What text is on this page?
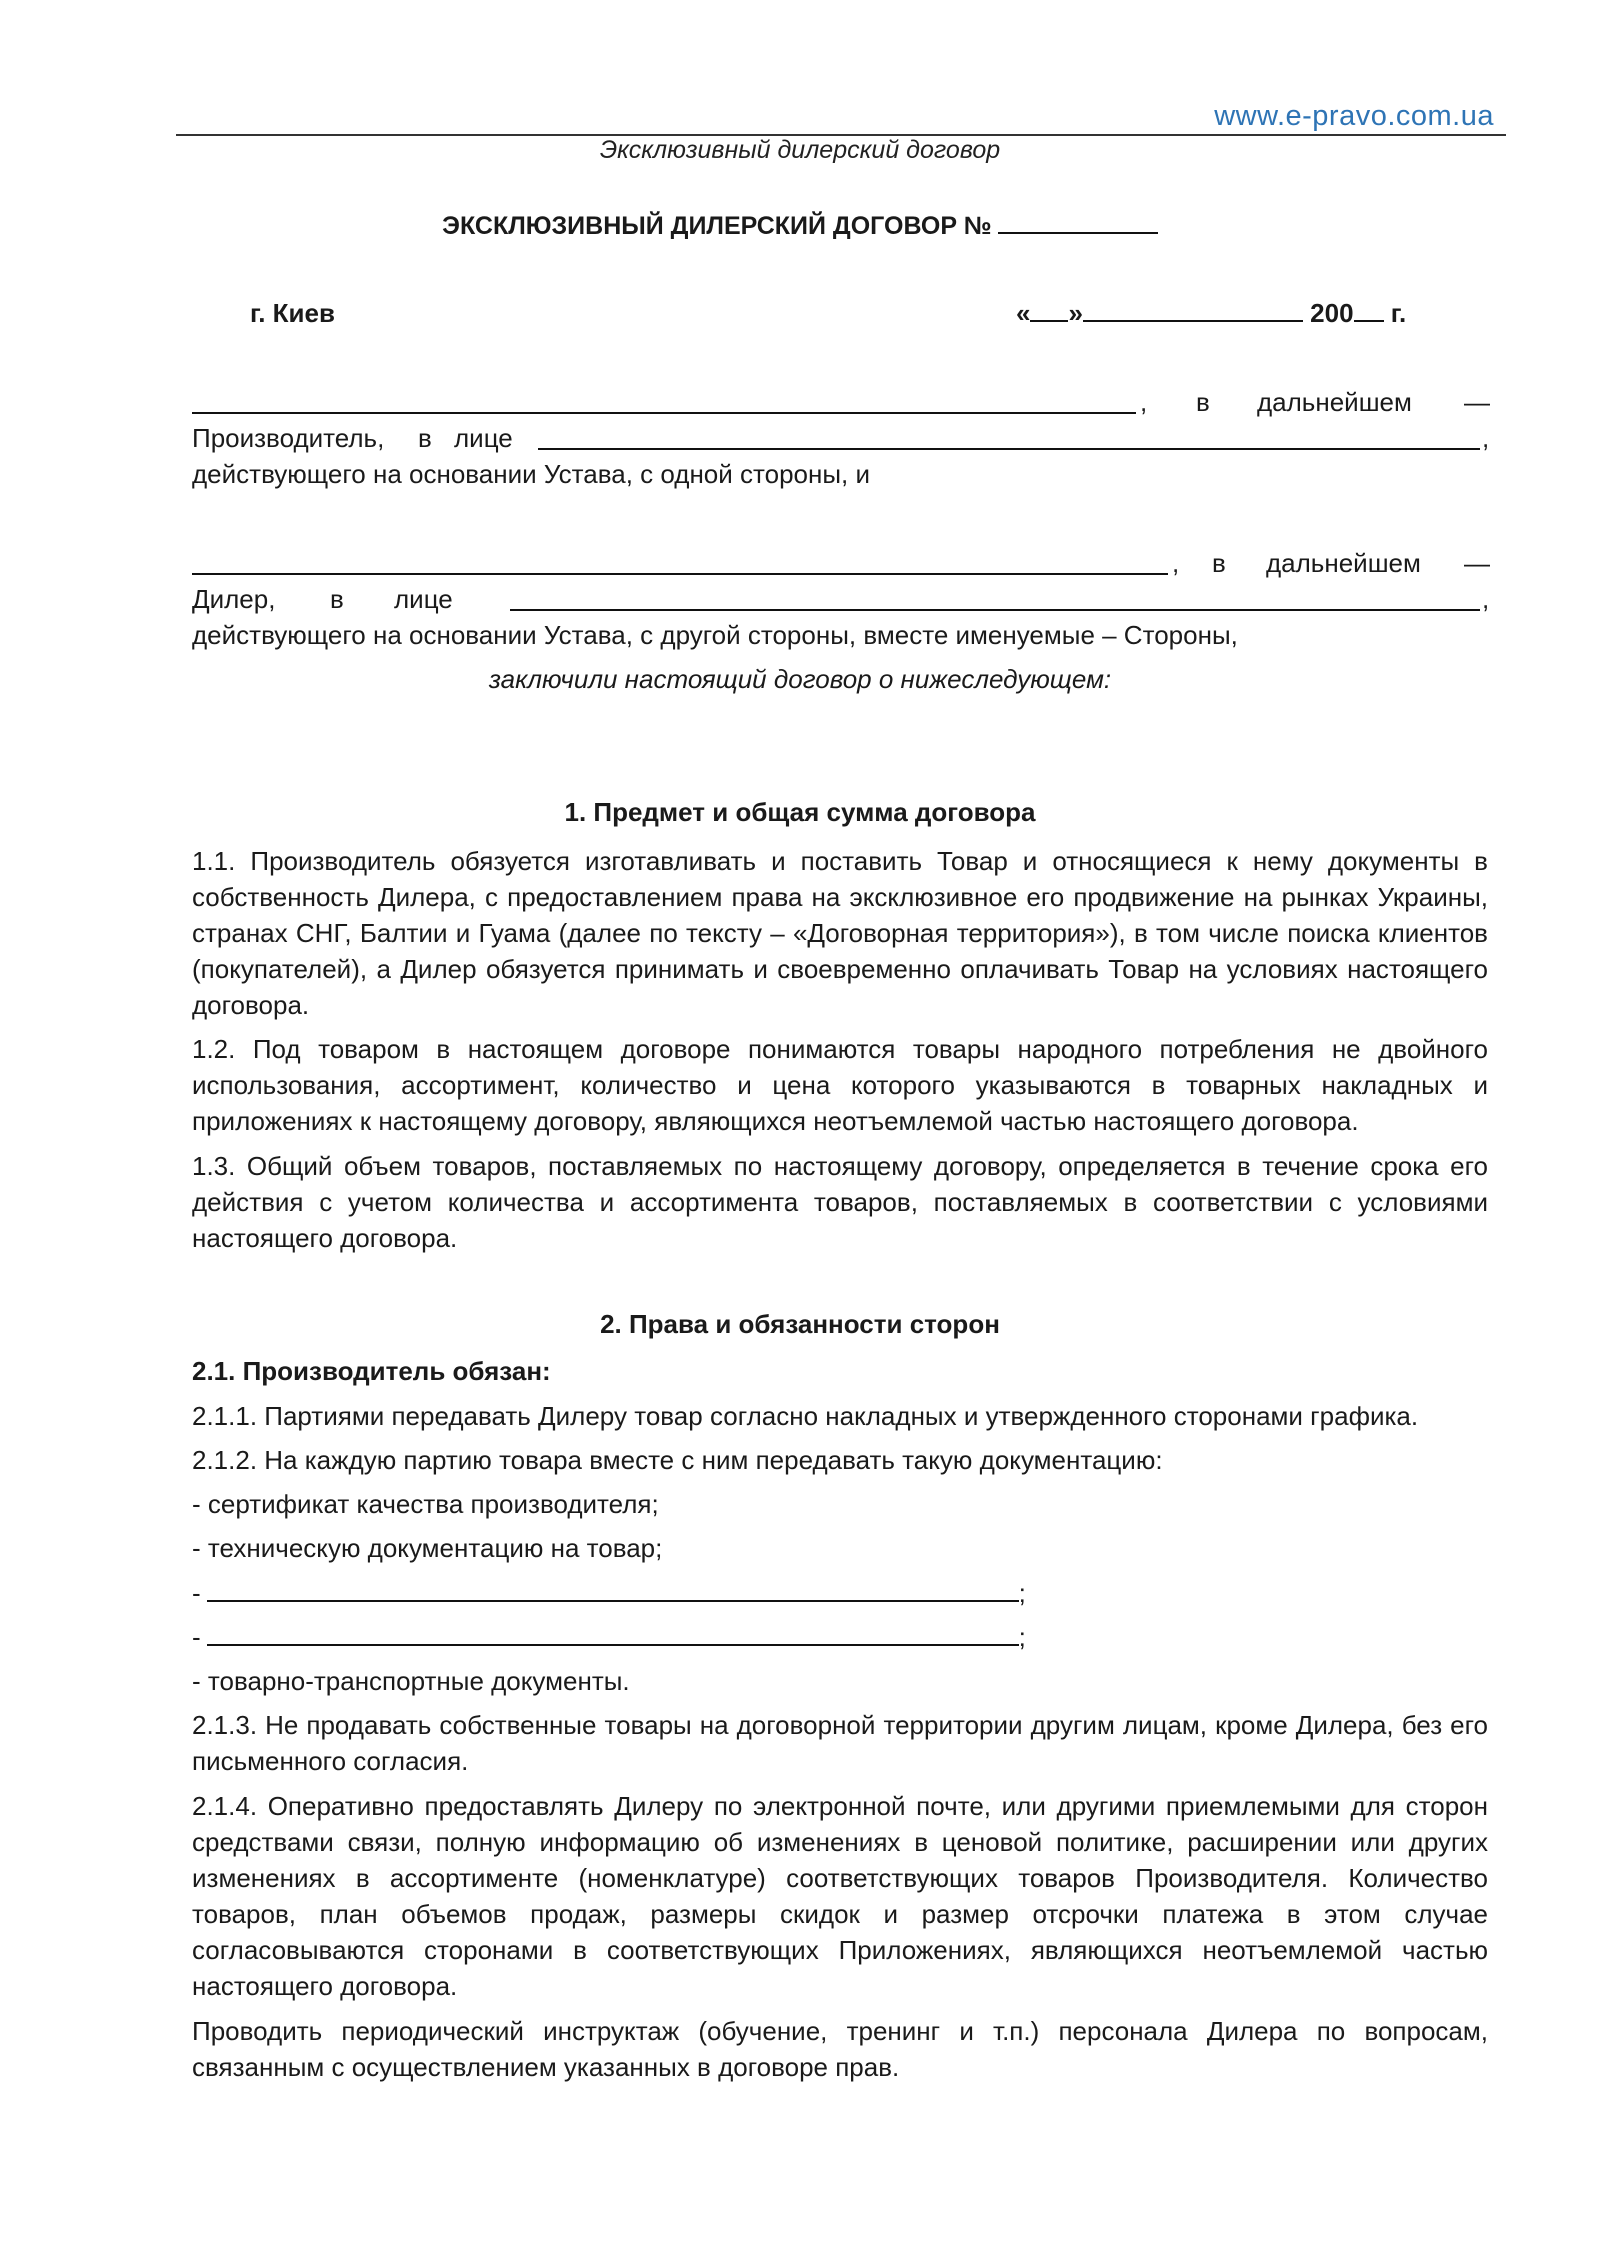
www.e-pravo.com.ua
Эксклюзивный дилерский договор
ЭКСКЛЮЗИВНЫЙ ДИЛЕРСКИЙ ДОГОВОР №
г. Киев	« »	200 г.
, в дальнейшем —
Производитель, в лице	,
действующего на основании Устава, с одной стороны, и
, в дальнейшем —
Дилер, в лице	,
действующего на основании Устава, с другой стороны, вместе именуемые – Стороны,
заключили настоящий договор о нижеследующем:
1. Предмет и общая сумма договора
1.1. Производитель обязуется изготавливать и поставить Товар и относящиеся к нему документы в собственность Дилера, с предоставлением права на эксклюзивное его продвижение на рынках Украины, странах СНГ, Балтии и Гуама (далее по тексту – «Договорная территория»), в том числе поиска клиентов (покупателей), а Дилер обязуется принимать и своевременно оплачивать Товар на условиях настоящего договора.
1.2. Под товаром в настоящем договоре понимаются товары народного потребления не двойного использования, ассортимент, количество и цена которого указываются в товарных накладных и приложениях к настоящему договору, являющихся неотъемлемой частью настоящего договора.
1.3. Общий объем товаров, поставляемых по настоящему договору, определяется в течение срока его действия с учетом количества и ассортимента товаров, поставляемых в соответствии с условиями настоящего договора.
2. Права и обязанности сторон
2.1. Производитель обязан:
2.1.1. Партиями передавать Дилеру товар согласно накладных и утвержденного сторонами графика.
2.1.2. На каждую партию товара вместе с ним передавать такую документацию:
- сертификат качества производителя;
- техническую документацию на товар;
-	;
-	;
- товарно-транспортные документы.
2.1.3. Не продавать собственные товары на договорной территории другим лицам, кроме Дилера, без его письменного согласия.
2.1.4. Оперативно предоставлять Дилеру по электронной почте, или другими приемлемыми для сторон средствами связи, полную информацию об изменениях в ценовой политике, расширении или других изменениях в ассортименте (номенклатуре) соответствующих товаров Производителя. Количество товаров, план объемов продаж, размеры скидок и размер отсрочки платежа в этом случае согласовываются сторонами в соответствующих Приложениях, являющихся неотъемлемой частью настоящего договора.
Проводить периодический инструктаж (обучение, тренинг и т.п.) персонала Дилера по вопросам, связанным с осуществлением указанных в договоре прав.
